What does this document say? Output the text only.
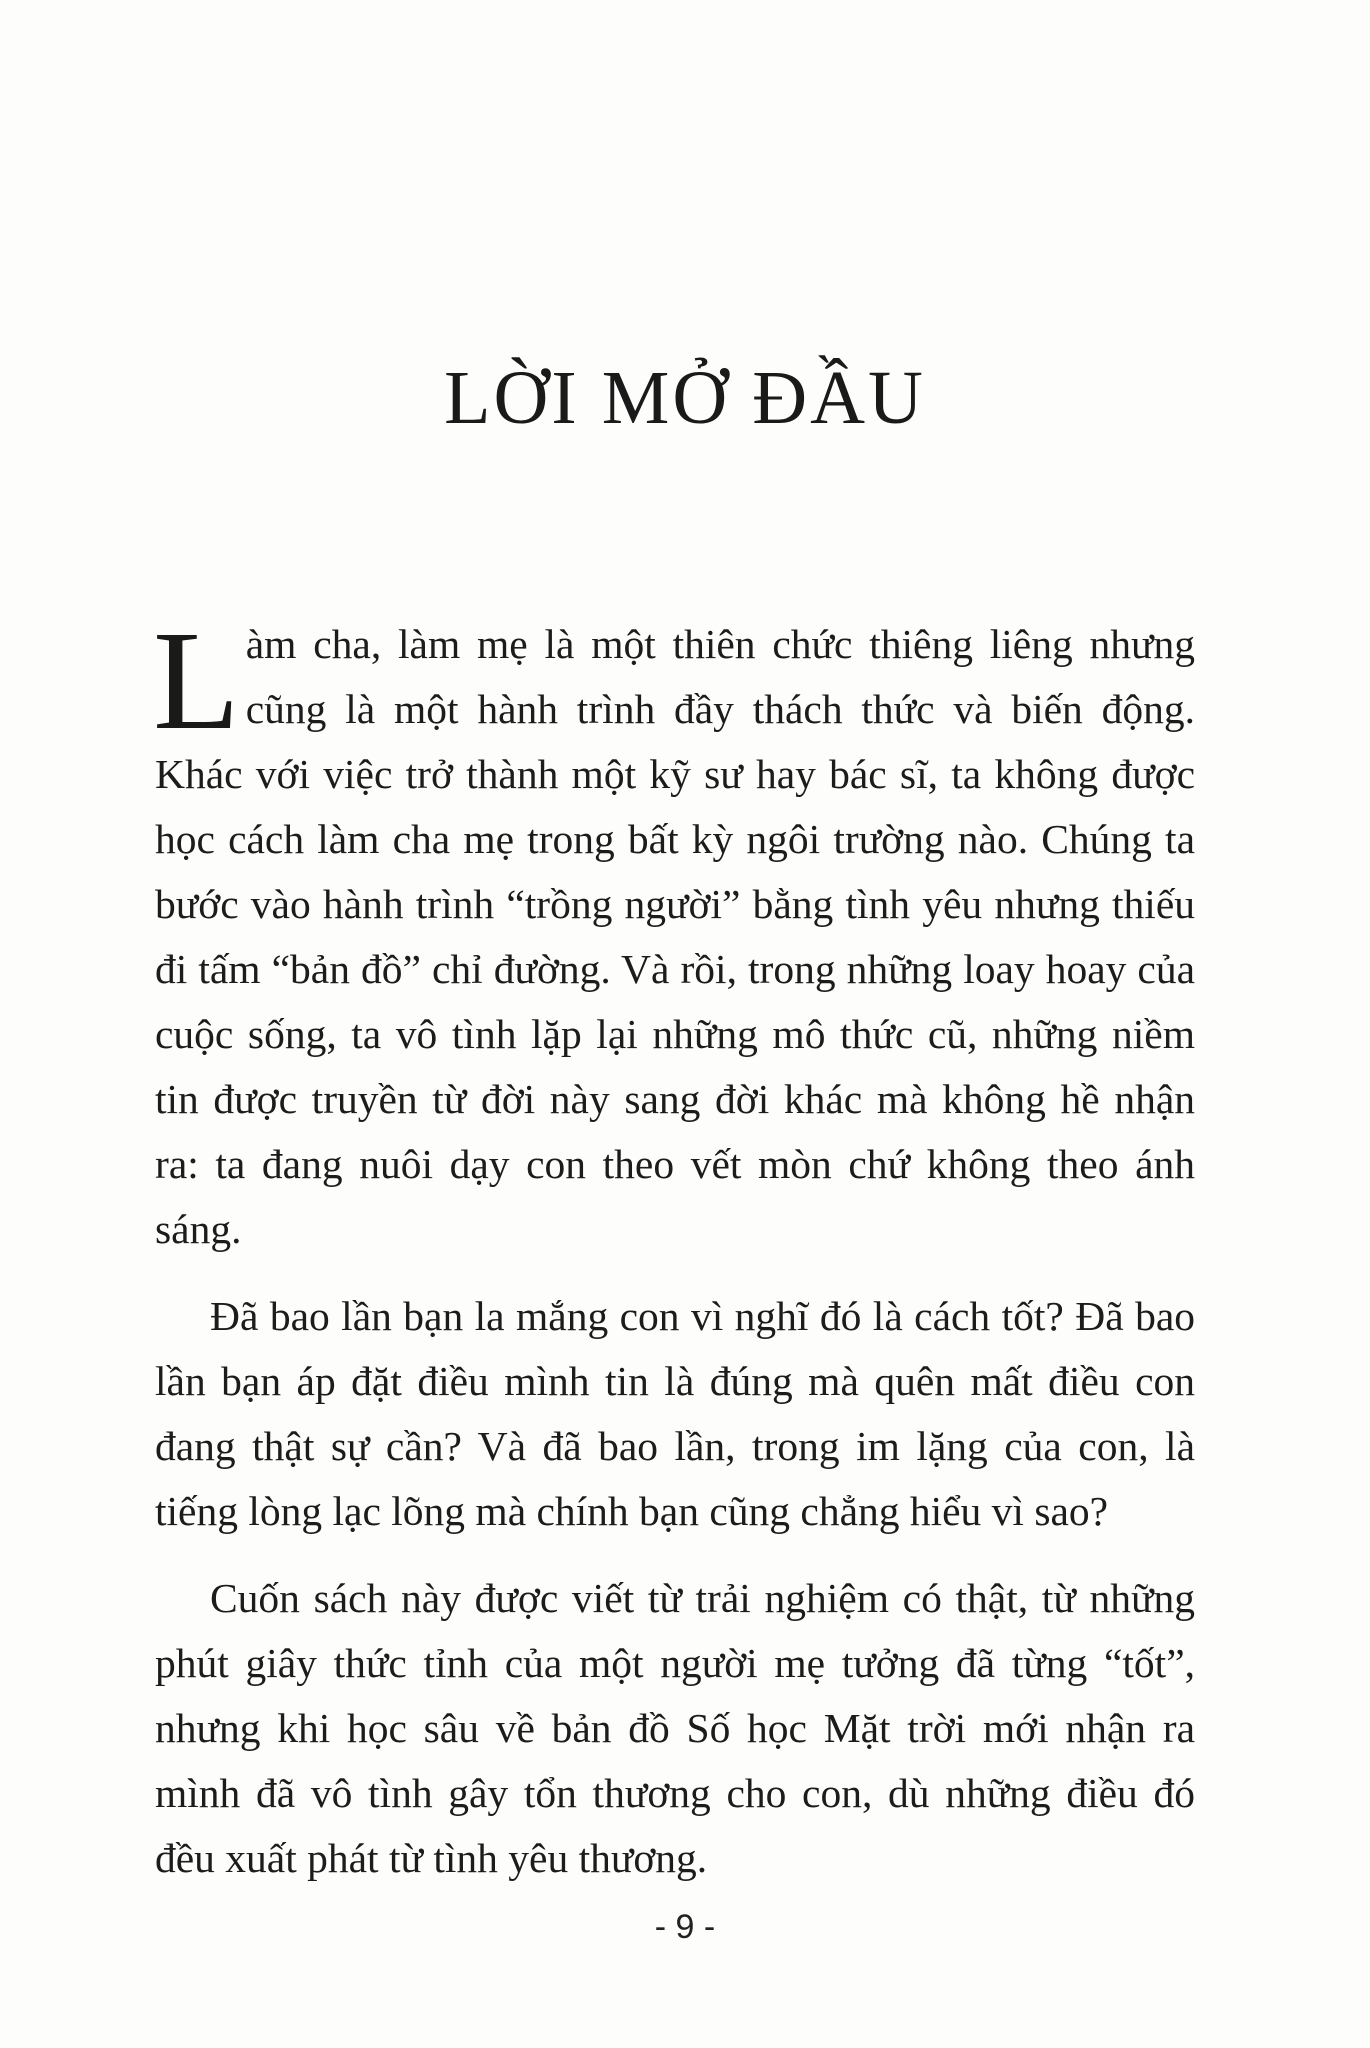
LỜI MỞ ĐẦU

Làm cha, làm mẹ là một thiên chức thiêng liêng nhưng cũng là một hành trình đầy thách thức và biến động. Khác với việc trở thành một kỹ sư hay bác sĩ, ta không được học cách làm cha mẹ trong bất kỳ ngôi trường nào. Chúng ta bước vào hành trình “trồng người” bằng tình yêu nhưng thiếu đi tấm “bản đồ” chỉ đường. Và rồi, trong những loay hoay của cuộc sống, ta vô tình lặp lại những mô thức cũ, những niềm tin được truyền từ đời này sang đời khác mà không hề nhận ra: ta đang nuôi dạy con theo vết mòn chứ không theo ánh sáng.

Đã bao lần bạn la mắng con vì nghĩ đó là cách tốt? Đã bao lần bạn áp đặt điều mình tin là đúng mà quên mất điều con đang thật sự cần? Và đã bao lần, trong im lặng của con, là tiếng lòng lạc lõng mà chính bạn cũng chẳng hiểu vì sao?

Cuốn sách này được viết từ trải nghiệm có thật, từ những phút giây thức tỉnh của một người mẹ tưởng đã từng “tốt”, nhưng khi học sâu về bản đồ Số học Mặt trời mới nhận ra mình đã vô tình gây tổn thương cho con, dù những điều đó đều xuất phát từ tình yêu thương.

- 9 -
